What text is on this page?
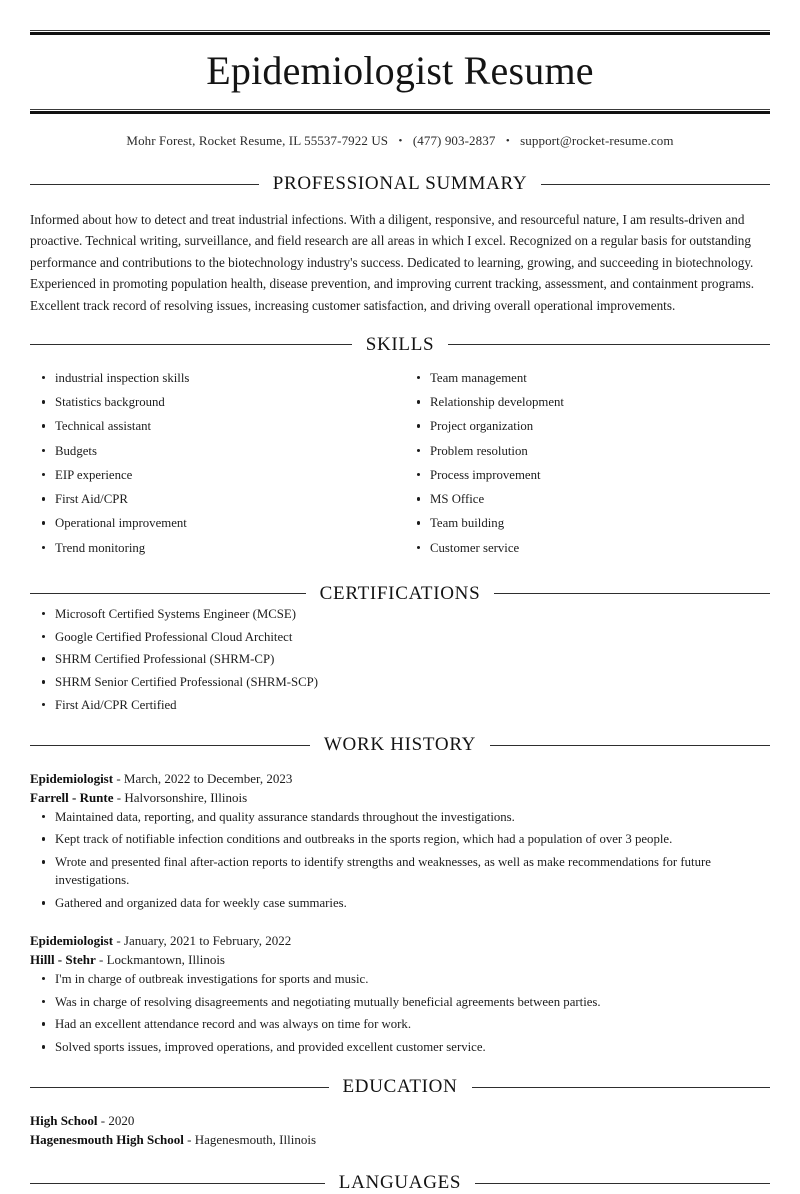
Epidemiologist Resume
Mohr Forest, Rocket Resume, IL 55537-7922 US • (477) 903-2837 • support@rocket-resume.com
PROFESSIONAL SUMMARY

Informed about how to detect and treat industrial infections. With a diligent, responsive, and resourceful nature, I am results-driven and proactive. Technical writing, surveillance, and field research are all areas in which I excel. Recognized on a regular basis for outstanding performance and contributions to the biotechnology industry's success. Dedicated to learning, growing, and succeeding in biotechnology. Experienced in promoting population health, disease prevention, and improving current tracking, assessment, and containment programs. Excellent track record of resolving issues, increasing customer satisfaction, and driving overall operational improvements.

SKILLS
industrial inspection skills
Statistics background
Technical assistant
Budgets
EIP experience
First Aid/CPR
Operational improvement
Trend monitoring
Team management
Relationship development
Project organization
Problem resolution
Process improvement
MS Office
Team building
Customer service
CERTIFICATIONS
Microsoft Certified Systems Engineer (MCSE)
Google Certified Professional Cloud Architect
SHRM Certified Professional (SHRM-CP)
SHRM Senior Certified Professional (SHRM-SCP)
First Aid/CPR Certified
WORK HISTORY
Epidemiologist - March, 2022 to December, 2023
Farrell - Runte - Halvorsonshire, Illinois
Maintained data, reporting, and quality assurance standards throughout the investigations.
Kept track of notifiable infection conditions and outbreaks in the sports region, which had a population of over 3 people.
Wrote and presented final after-action reports to identify strengths and weaknesses, as well as make recommendations for future investigations.
Gathered and organized data for weekly case summaries.
Epidemiologist - January, 2021 to February, 2022
Hilll - Stehr - Lockmantown, Illinois
I'm in charge of outbreak investigations for sports and music.
Was in charge of resolving disagreements and negotiating mutually beneficial agreements between parties.
Had an excellent attendance record and was always on time for work.
Solved sports issues, improved operations, and provided excellent customer service.
EDUCATION
High School - 2020
Hagenesmouth High School - Hagenesmouth, Illinois
LANGUAGES
